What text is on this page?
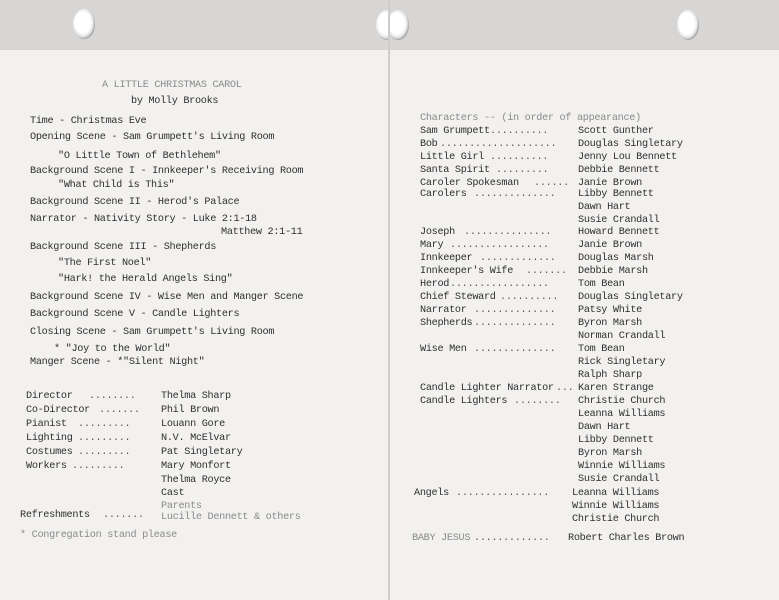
A LITTLE CHRISTMAS CAROL

by Molly Brooks

Time - Christmas Eve

Opening Scene - Sam Grumpett's Living Room

"O Little Town of Bethlehem"

Background Scene I - Innkeeper's Receiving Room

"What Child is This"

Background Scene II - Herod's Palace

Narrator - Nativity Story - Luke 2:1-18

Matthew 2:1-11

Background Scene III - Shepherds

"The First Noel"

"Hark! the Herald Angels Sing"

Background Scene IV - Wise Men and Manger Scene

Background Scene V - Candle Lighters

Closing Scene - Sam Grumpett's Living Room

* "Joy to the World"

Manger Scene - *"Silent Night"

Director ........ Thelma Sharp

Co-Director ....... Phil Brown

Pianist .........	Louann Gore

Lighting .........	N.V. McElvar

Costumes .........	Pat Singletary

Workers .........	Mary Monfort

Thelma Royce

Cast

Parents

Refreshments ....... Lucille Dennett & others

* Congregation stand please

Characters -- (in order of appearance)

Sam Grumpett ..........	Scott Gunther

Bob .................... Douglas Singletary

Little Girl ..........	Jenny Lou Bennett

Santa Spirit .........	Debbie Bennett

Caroler Spokesman ...... Janie Brown

Carolers .............. Libby Bennett

Dawn Hart

Susie Crandall

Joseph ...............	Howard Bennett

Mary .................	Janie Brown

Innkeeper ............. Douglas Marsh

Innkeeper's Wife ....... Debbie Marsh

Herod .................	Tom Bean

Chief Steward .......... Douglas Singletary

Narrator .............. Patsy White

Shepherds .............. Byron Marsh

Norman Crandall

Wise Men .............. Tom Bean

Rick Singletary

Ralph Sharp

Candle Lighter Narrator ... Karen Strange

Candle Lighters ........ Christie Church

Leanna Williams

Dawn Hart

Libby Dennett

Byron Marsh

Winnie Williams

Susie Crandall

Angels ................ Leanna Williams

Winnie Williams

Christie Church

BABY JESUS ............. Robert Charles Brown
